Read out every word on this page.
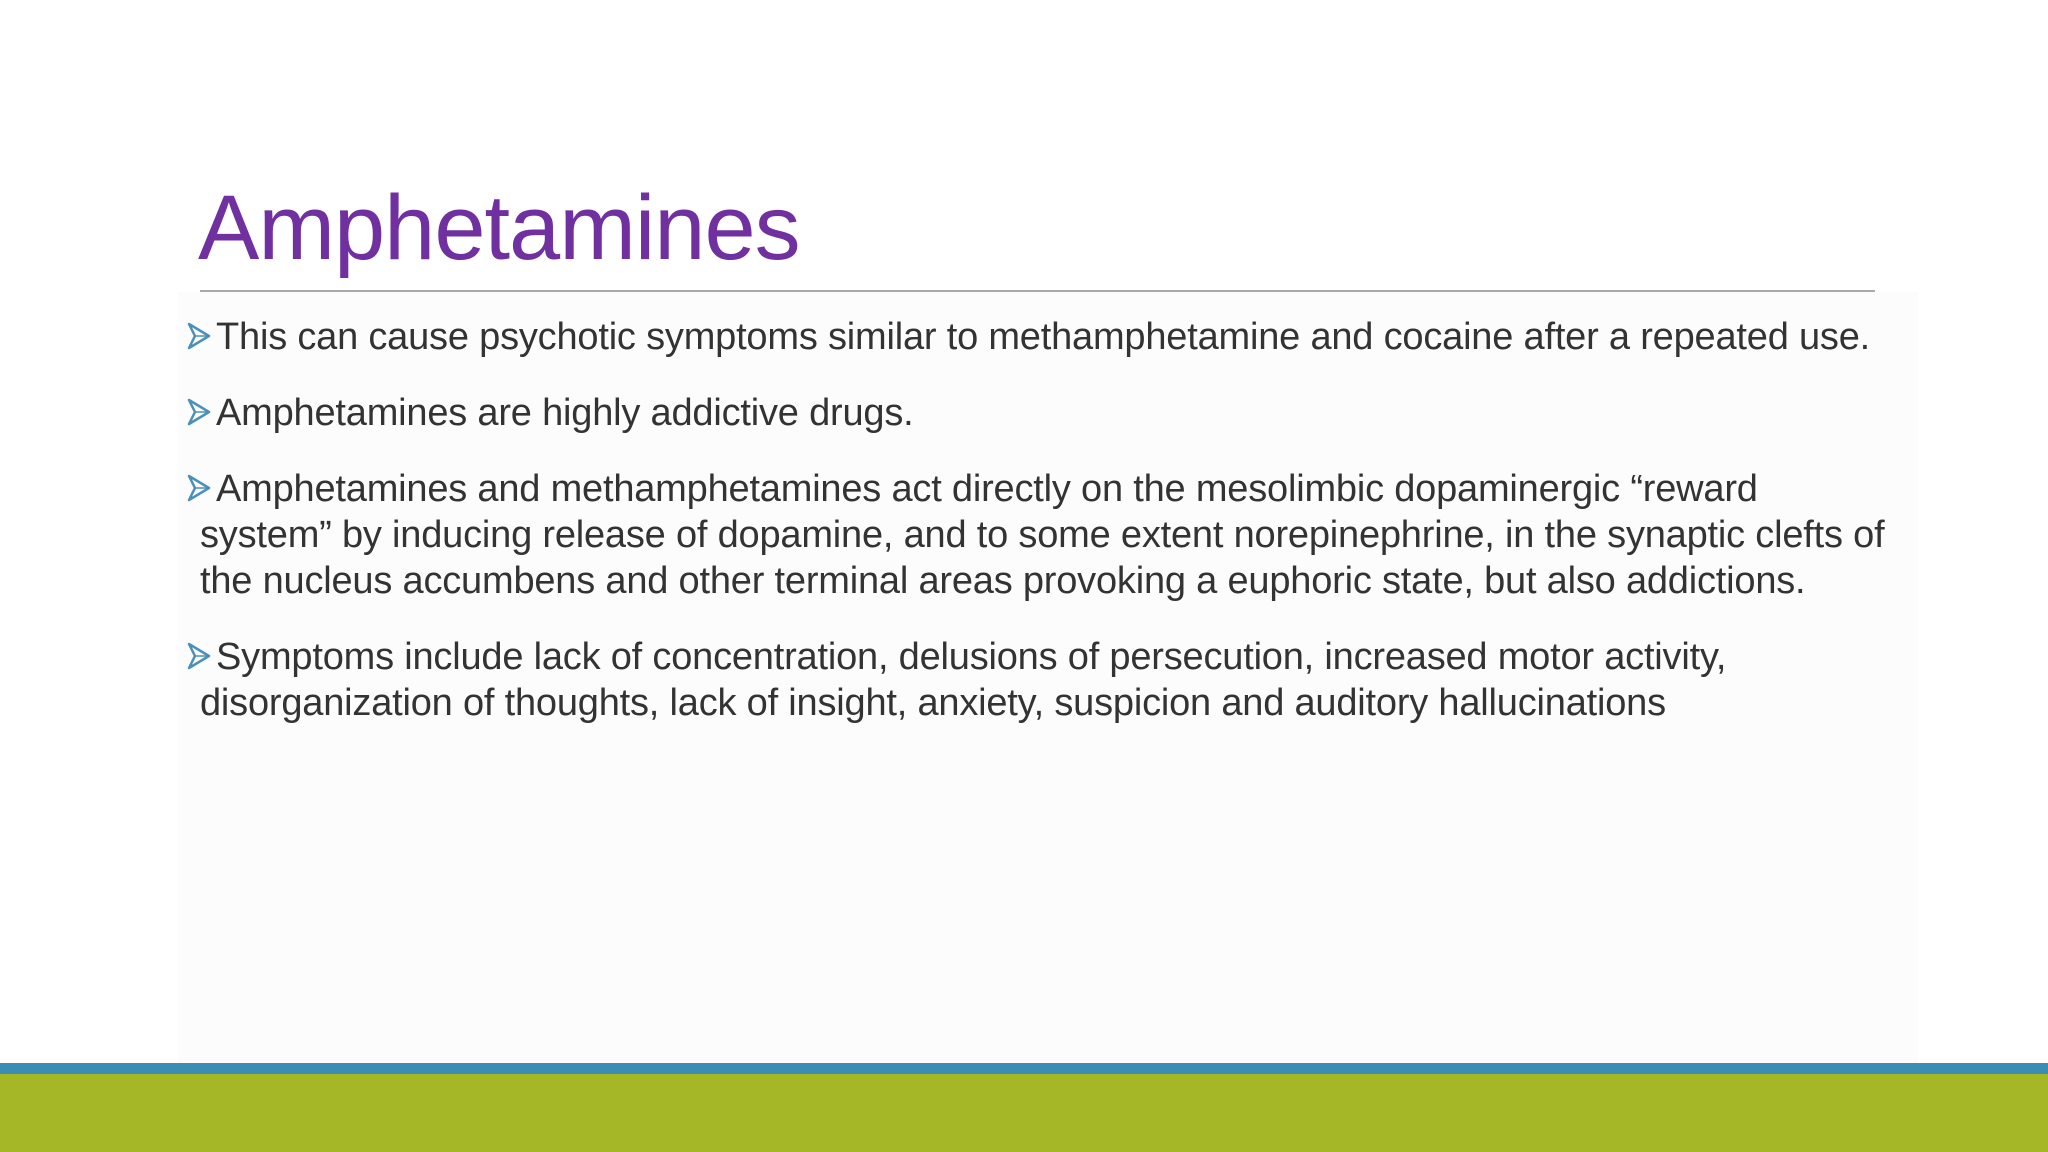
Amphetamines
This can cause psychotic symptoms similar to methamphetamine and cocaine after a repeated use.
Amphetamines are highly addictive drugs.
Amphetamines and methamphetamines act directly on the mesolimbic dopaminergic “reward system” by inducing release of dopamine, and to some extent norepinephrine, in the synaptic clefts of the nucleus accumbens and other terminal areas provoking a euphoric state, but also addictions.
Symptoms include lack of concentration, delusions of persecution, increased motor activity, disorganization of thoughts, lack of insight, anxiety, suspicion and auditory hallucinations
